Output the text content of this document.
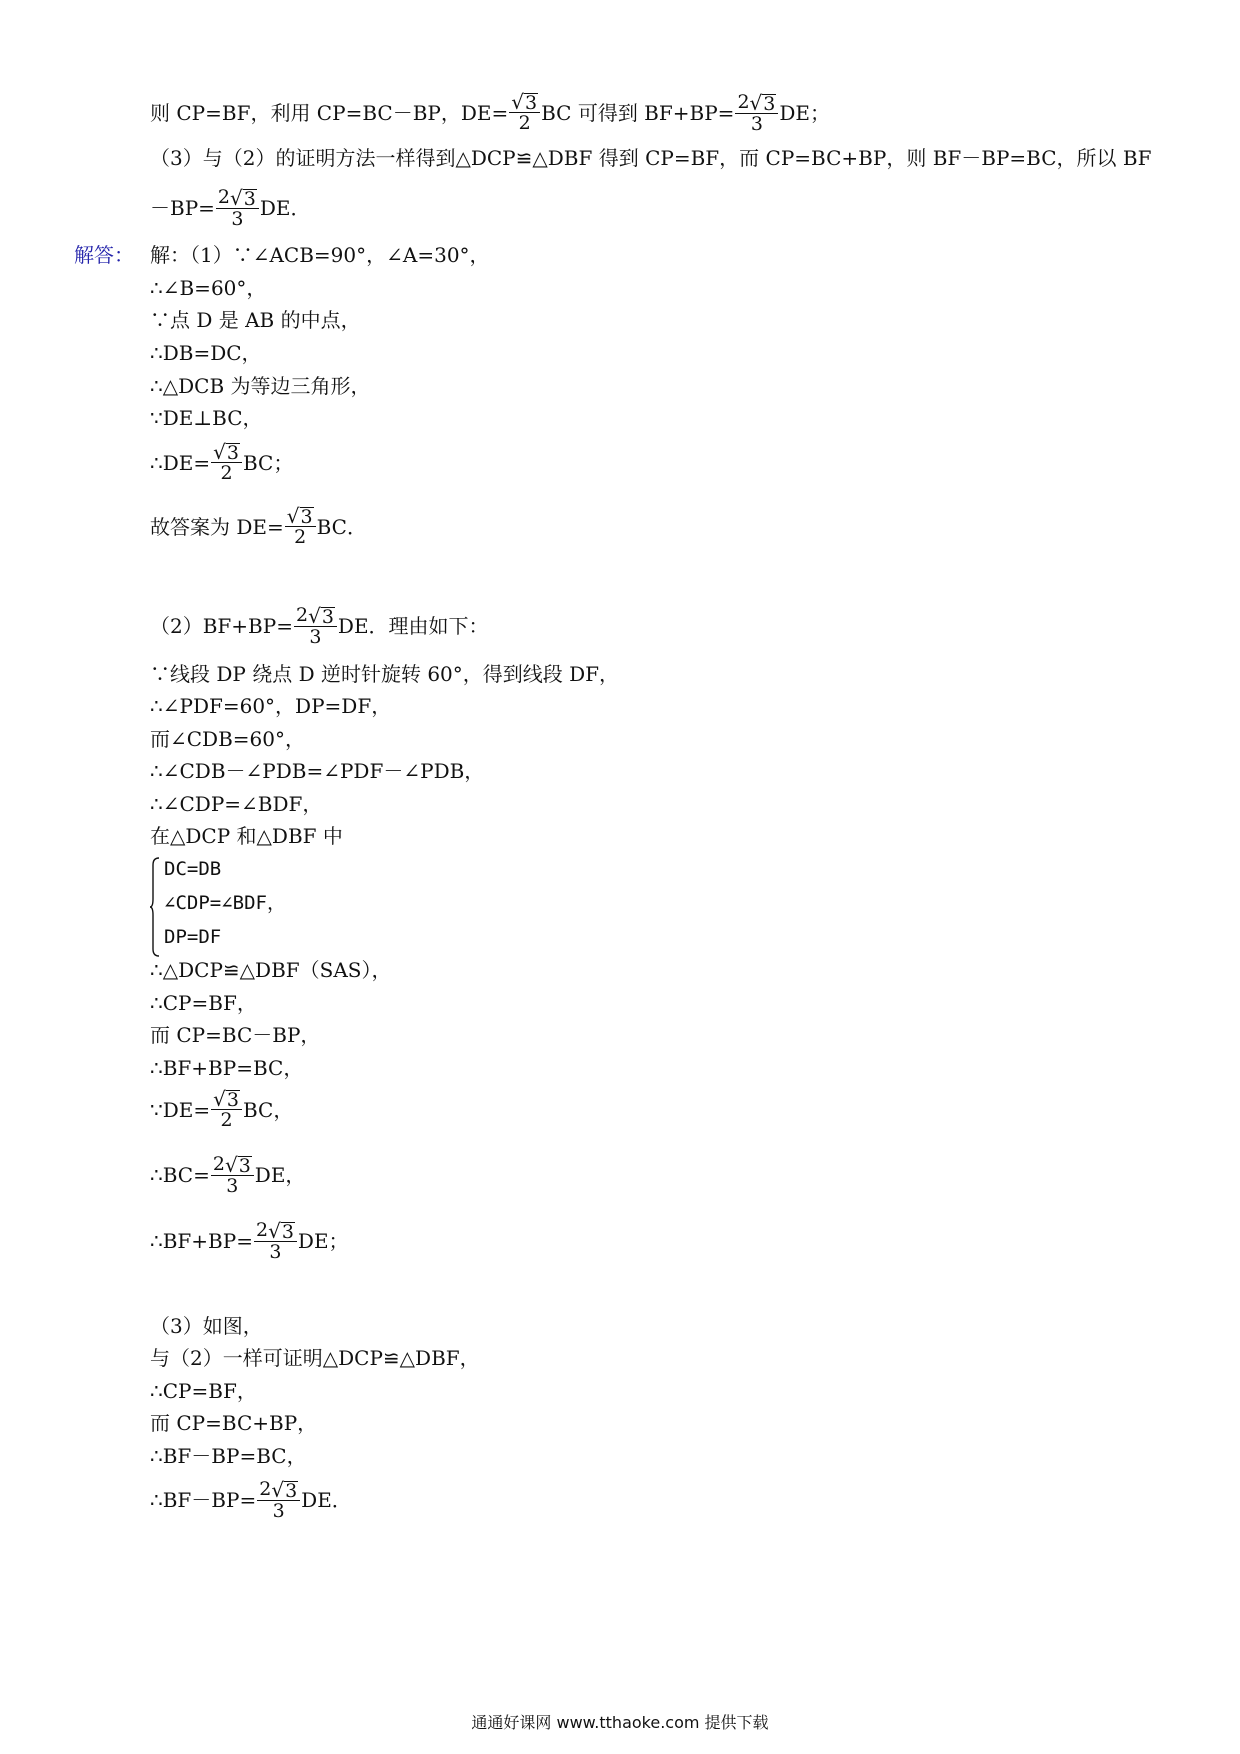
则 CP=BF，利用 CP=BC－BP，$DE= \frac{√ 3}{2}$ BC 可得到 $BF+BP= \frac{2 √ 3}{3}$ DE；
（3）与（2）的证明方法一样得到△DCP≌△DBF 得到 CP=BF，而 CP=BC+BP，则 BF－BP=BC，所以 BF
$-BP= \frac{2 √ 3}{3}$ DE．
解答： 解：（1）∵∠ACB=90°，∠A=30°，
∴∠B=60°，
∵点 D 是 AB 的中点，
∴DB=DC，
∴△DCB 为等边三角形，
∵DE⊥BC，
∴DE= $\frac{√ 3}{2}$ BC；
故答案为 $DE= \frac{√ 3}{2}$ BC．
$(2)BF+BP= \frac{2 √ 3}{3}$ DE．理由如下：
∵线段 DP 绕点 D 逆时针旋转 60°，得到线段 DF，
∴∠PDF=60°，DP=DF，
而∠CDB=60°，
∴∠CDB－∠PDB=∠PDF－∠PDB，
∴∠CDP=∠BDF，
在△DCP 和△DBF 中
DC=DB
∠CDP=∠BDF，
DP=DF
∴△DCP≌△DBF（SAS），
∴CP=BF，
而 CP=BC－BP，
∴BF+BP=BC，
∵DE= $\frac{√ 3}{2}$ BC，
∴BC= $\frac{2 √ 3}{3}$ DE，
∴BF+BP= $\frac{2 √ 3}{3}$ DE；
（3）如图，
与（2）一样可证明△DCP≌△DBF，
∴CP=BF，
而 CP=BC+BP，
∴BF－BP=BC，
∴BF－BP= $\frac{2 √ 3}{3}$ DE．
通通好课网 www.tthaoke.com 提供下载
